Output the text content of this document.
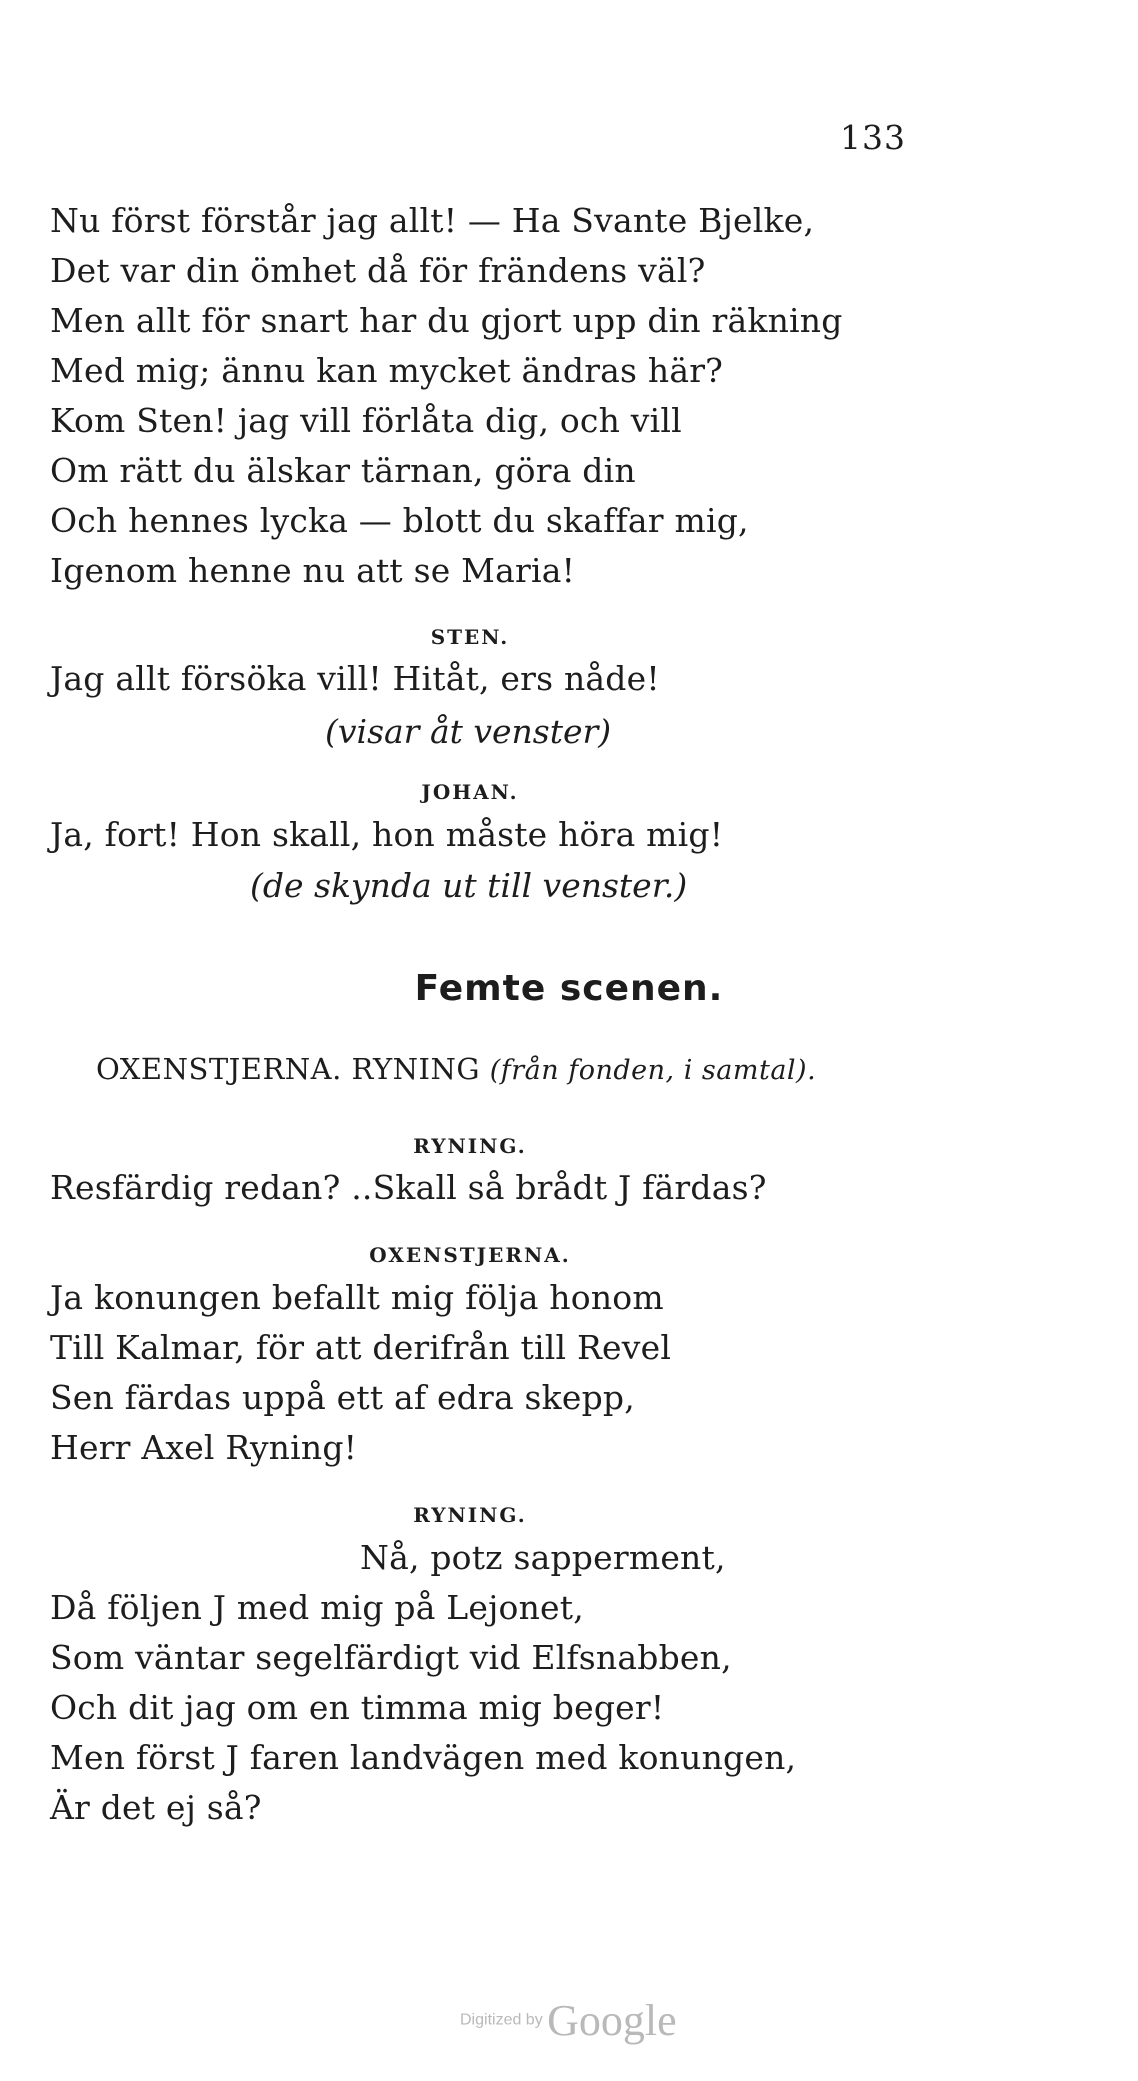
133
Nu först förstår jag allt! — Ha Svante Bjelke,
Det var din ömhet då för frändens väl?
Men allt för snart har du gjort upp din räkning
Med mig; ännu kan mycket ändras här?
Kom Sten! jag vill förlåta dig, och vill
Om rätt du älskar tärnan, göra din
Och hennes lycka — blott du skaffar mig,
Igenom henne nu att se Maria!
STEN.
Jag allt försöka vill! Hitåt, ers nåde!
(visar åt venster)
JOHAN.
Ja, fort! Hon skall, hon måste höra mig!
(de skynda ut till venster.)
Femte scenen.
OXENSTJERNA. RYNING (från fonden, i samtal).
RYNING.
Resfärdig redan? ..Skall så brådt J färdas?
OXENSTJERNA.
Ja konungen befallt mig följa honom
Till Kalmar, för att derifrån till Revel
Sen färdas uppå ett af edra skepp,
Herr Axel Ryning!
RYNING.
Nå, potz sapperment,
Då följen J med mig på Lejonet,
Som väntar segelfärdigt vid Elfsnabben,
Och dit jag om en timma mig beger!
Men först J faren landvägen med konungen,
Är det ej så?
Digitized by Google
